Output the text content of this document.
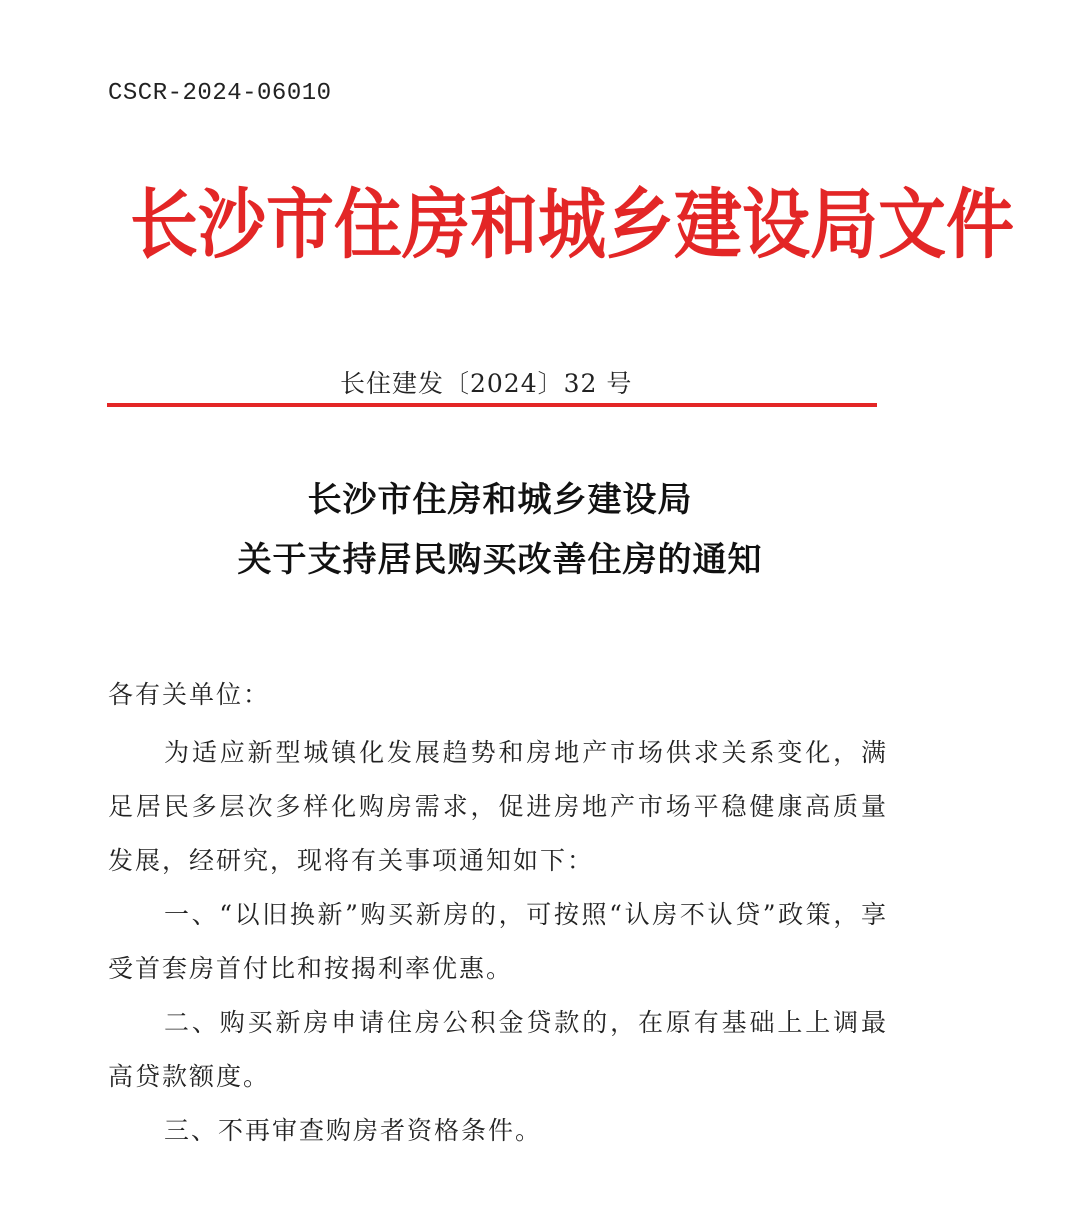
CSCR-2024-06010
长沙市住房和城乡建设局文件
长住建发〔2024〕32 号
长沙市住房和城乡建设局
关于支持居民购买改善住房的通知

各有关单位：

为适应新型城镇化发展趋势和房地产市场供求关系变化，满足居民多层次多样化购房需求，促进房地产市场平稳健康高质量发展，经研究，现将有关事项通知如下：

一、“以旧换新”购买新房的，可按照“认房不认贷”政策，享受首套房首付比和按揭利率优惠。

二、购买新房申请住房公积金贷款的，在原有基础上上调最高贷款额度。

三、不再审查购房者资格条件。
